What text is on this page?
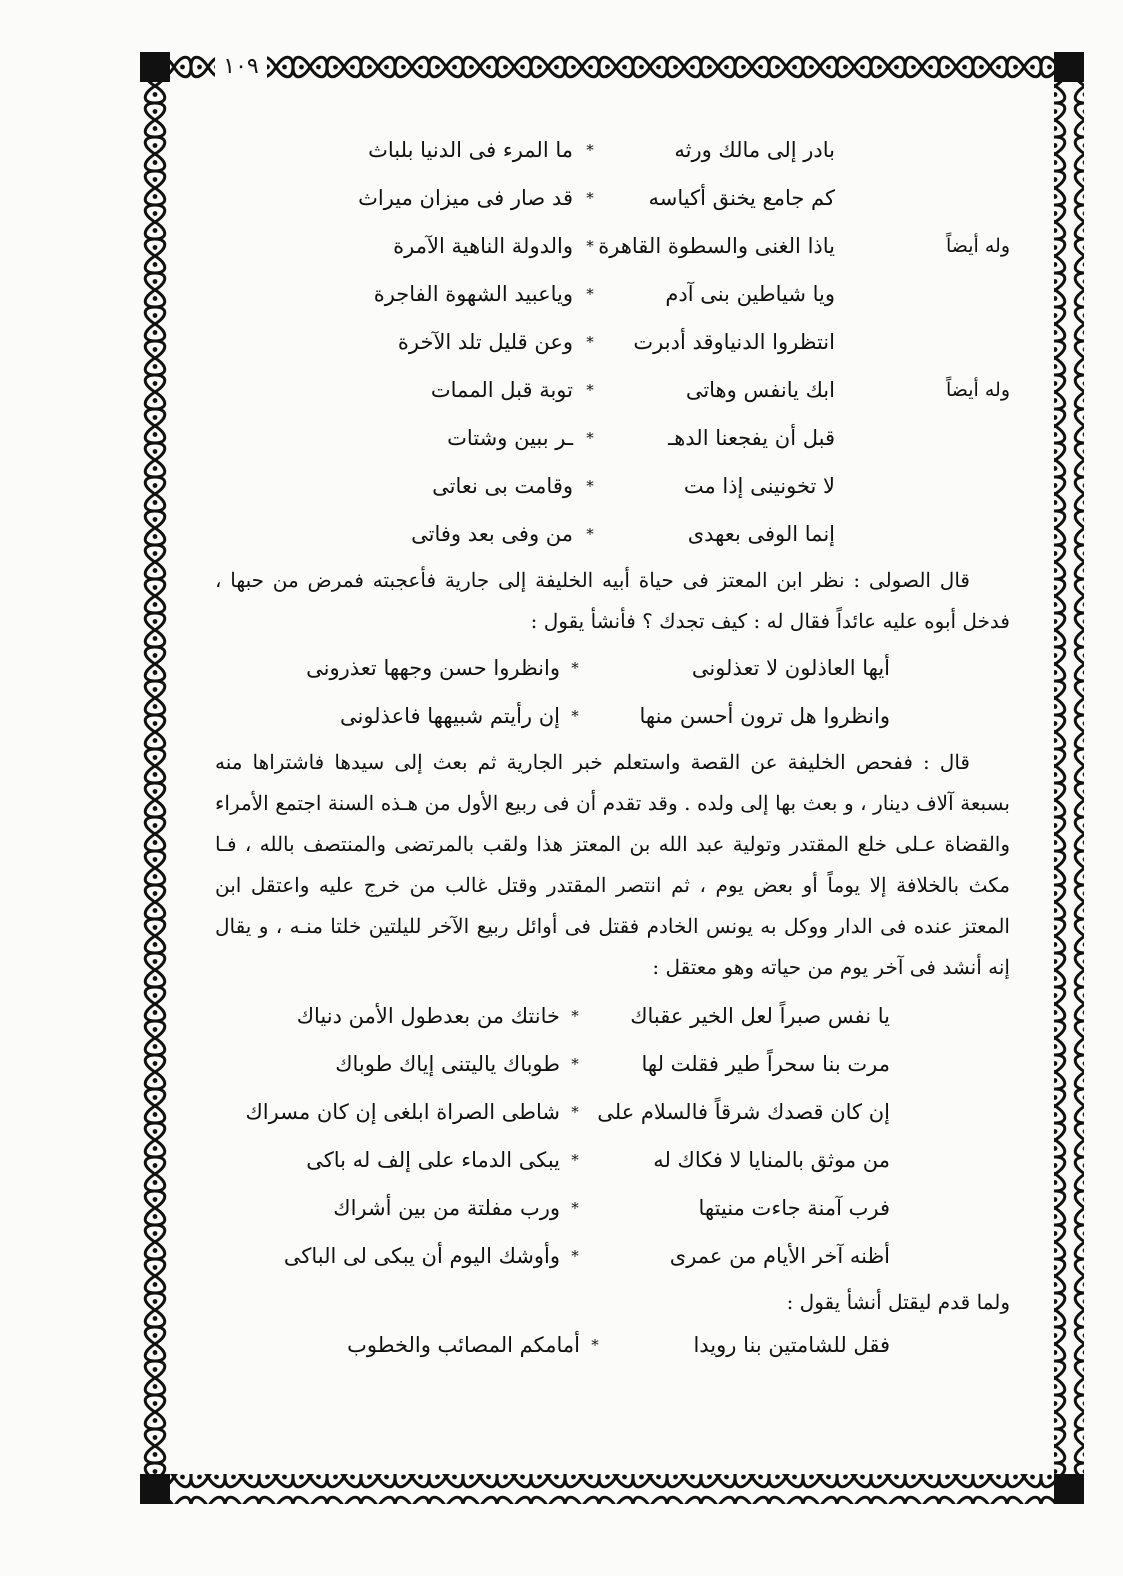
١٠٩
بادر إلى مالك ورثه
*
ما المرء فى الدنيا بلباث
كم جامع يخنق أكياسه
*
قد صار فى ميزان ميراث
وله أيضاً
ياذا الغنى والسطوة القاهرة
*
والدولة الناهية الآمرة
ويا شياطين بنى آدم
*
وياعبيد الشهوة الفاجرة
انتظروا الدنياوقد أدبرت
*
وعن قليل تلد الآخرة
وله أيضاً
ابك يانفس وهاتى
*
توبة قبل الممات
قبل أن يفجعنا الدهـ
*
ـر ببين وشتات
لا تخونينى إذا مت
*
وقامت بى نعاتى
إنما الوفى بعهدى
*
من وفى بعد وفاتى

قال الصولى : نظر ابن المعتز فى حياة أبيه الخليفة إلى جارية فأعجبته فمرض من حبها ، فدخل أبوه عليه عائداً فقال له : كيف تجدك ؟ فأنشأ يقول :

أيها العاذلون لا تعذلونى
*
وانظروا حسن وجهها تعذرونى
وانظروا هل ترون أحسن منها
*
إن رأيتم شبيهها فاعذلونى

قال : ففحص الخليفة عن القصة واستعلم خبر الجارية ثم بعث إلى سيدها فاشتراها منه بسبعة آلاف دينار ، و بعث بها إلى ولده . وقد تقدم أن فى ربيع الأول من هـذه السنة اجتمع الأمراء والقضاة عـلى خلع المقتدر وتولية عبد الله بن المعتز هذا ولقب بالمرتضى والمنتصف بالله ، فـا مكث بالخلافة إلا يوماً أو بعض يوم ، ثم انتصر المقتدر وقتل غالب من خرج عليه واعتقل ابن المعتز عنده فى الدار ووكل به يونس الخادم فقتل فى أوائل ربيع الآخر لليلتين خلتا منـه ، و يقال إنه أنشد فى آخر يوم من حياته وهو معتقل :

يا نفس صبراً لعل الخير عقباك
*
خانتك من بعدطول الأمن دنياك
مرت بنا سحراً طير فقلت لها
*
طوباك ياليتنى إياك طوباك
إن كان قصدك شرقاً فالسلام على
*
شاطى الصراة ابلغى إن كان مسراك
من موثق بالمنايا لا فكاك له
*
يبكى الدماء على إلف له باكى
فرب آمنة جاءت منيتها
*
ورب مفلتة من بين أشراك
أظنه آخر الأيام من عمرى
*
وأوشك اليوم أن يبكى لى الباكى

ولما قدم ليقتل أنشأ يقول :

فقل للشامتين بنا رويدا
*
أمامكم المصائب والخطوب
